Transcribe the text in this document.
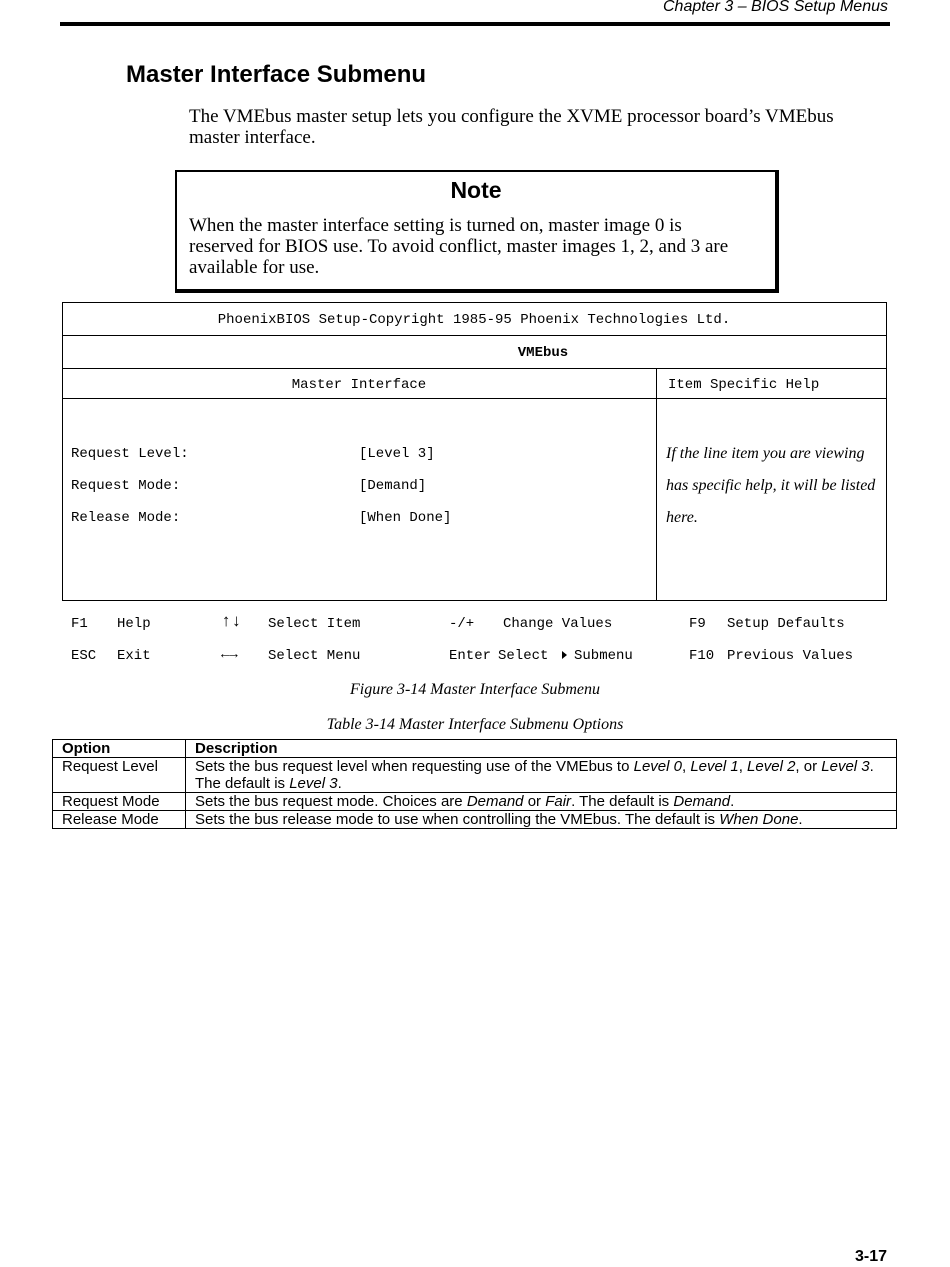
Chapter 3 – BIOS Setup Menus
Master Interface Submenu
The VMEbus master setup lets you configure the XVME processor board’s VMEbus master interface.
Note
When the master interface setting is turned on, master image 0 is reserved for BIOS use. To avoid conflict, master images 1, 2, and 3 are available for use.
PhoenixBIOS Setup-Copyright 1985-95 Phoenix Technologies Ltd.
VMEbus
Master Interface	Item Specific Help
Request Level:	[Level 3]
Request Mode:	[Demand]
Release Mode:	[When Done]
If the line item you are viewing has specific help, it will be listed here.
F1 Help	↑↓ Select Item	-/+ Change Values	F9 Setup Defaults
ESC Exit	←→ Select Menu	Enter Select Submenu	F10 Previous Values
Figure 3-14 Master Interface Submenu
Table 3-14 Master Interface Submenu Options
Option	Description
Request Level	Sets the bus request level when requesting use of the VMEbus to Level 0, Level 1, Level 2, or Level 3. The default is Level 3.
Request Mode	Sets the bus request mode. Choices are Demand or Fair. The default is Demand.
Release Mode	Sets the bus release mode to use when controlling the VMEbus. The default is When Done.
3-17
